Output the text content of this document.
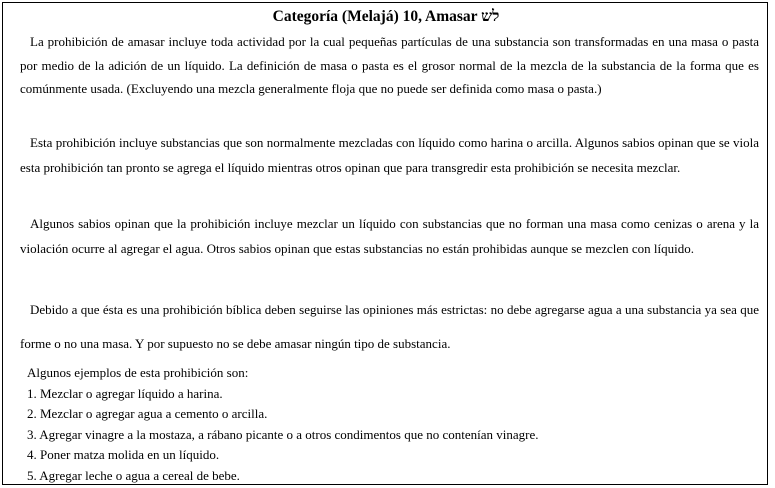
Categoría (Melajá) 10, Amasar לש

La prohibición de amasar incluye toda actividad por la cual pequeñas partículas de una substancia son transformadas en una masa o pasta por medio de la adición de un líquido. La definición de masa o pasta es el grosor normal de la mezcla de la substancia de la forma que es comúnmente usada. (Excluyendo una mezcla generalmente floja que no puede ser definida como masa o pasta.)

Esta prohibición incluye substancias que son normalmente mezcladas con líquido como harina o arcilla. Algunos sabios opinan que se viola esta prohibición tan pronto se agrega el líquido mientras otros opinan que para transgredir esta prohibición se necesita mezclar.

Algunos sabios opinan que la prohibición incluye mezclar un líquido con substancias que no forman una masa como cenizas o arena y la violación ocurre al agregar el agua. Otros sabios opinan que estas substancias no están prohibidas aunque se mezclen con líquido.

Debido a que ésta es una prohibición bíblica deben seguirse las opiniones más estrictas: no debe agregarse agua a una substancia ya sea que forme o no una masa. Y por supuesto no se debe amasar ningún tipo de substancia.

Algunos ejemplos de esta prohibición son:
1. Mezclar o agregar líquido a harina.
2. Mezclar o agregar agua a cemento o arcilla.
3. Agregar vinagre a la mostaza, a rábano picante o a otros condimentos que no contenían vinagre.
4. Poner matza molida en un líquido.
5. Agregar leche o agua a cereal de bebe.
